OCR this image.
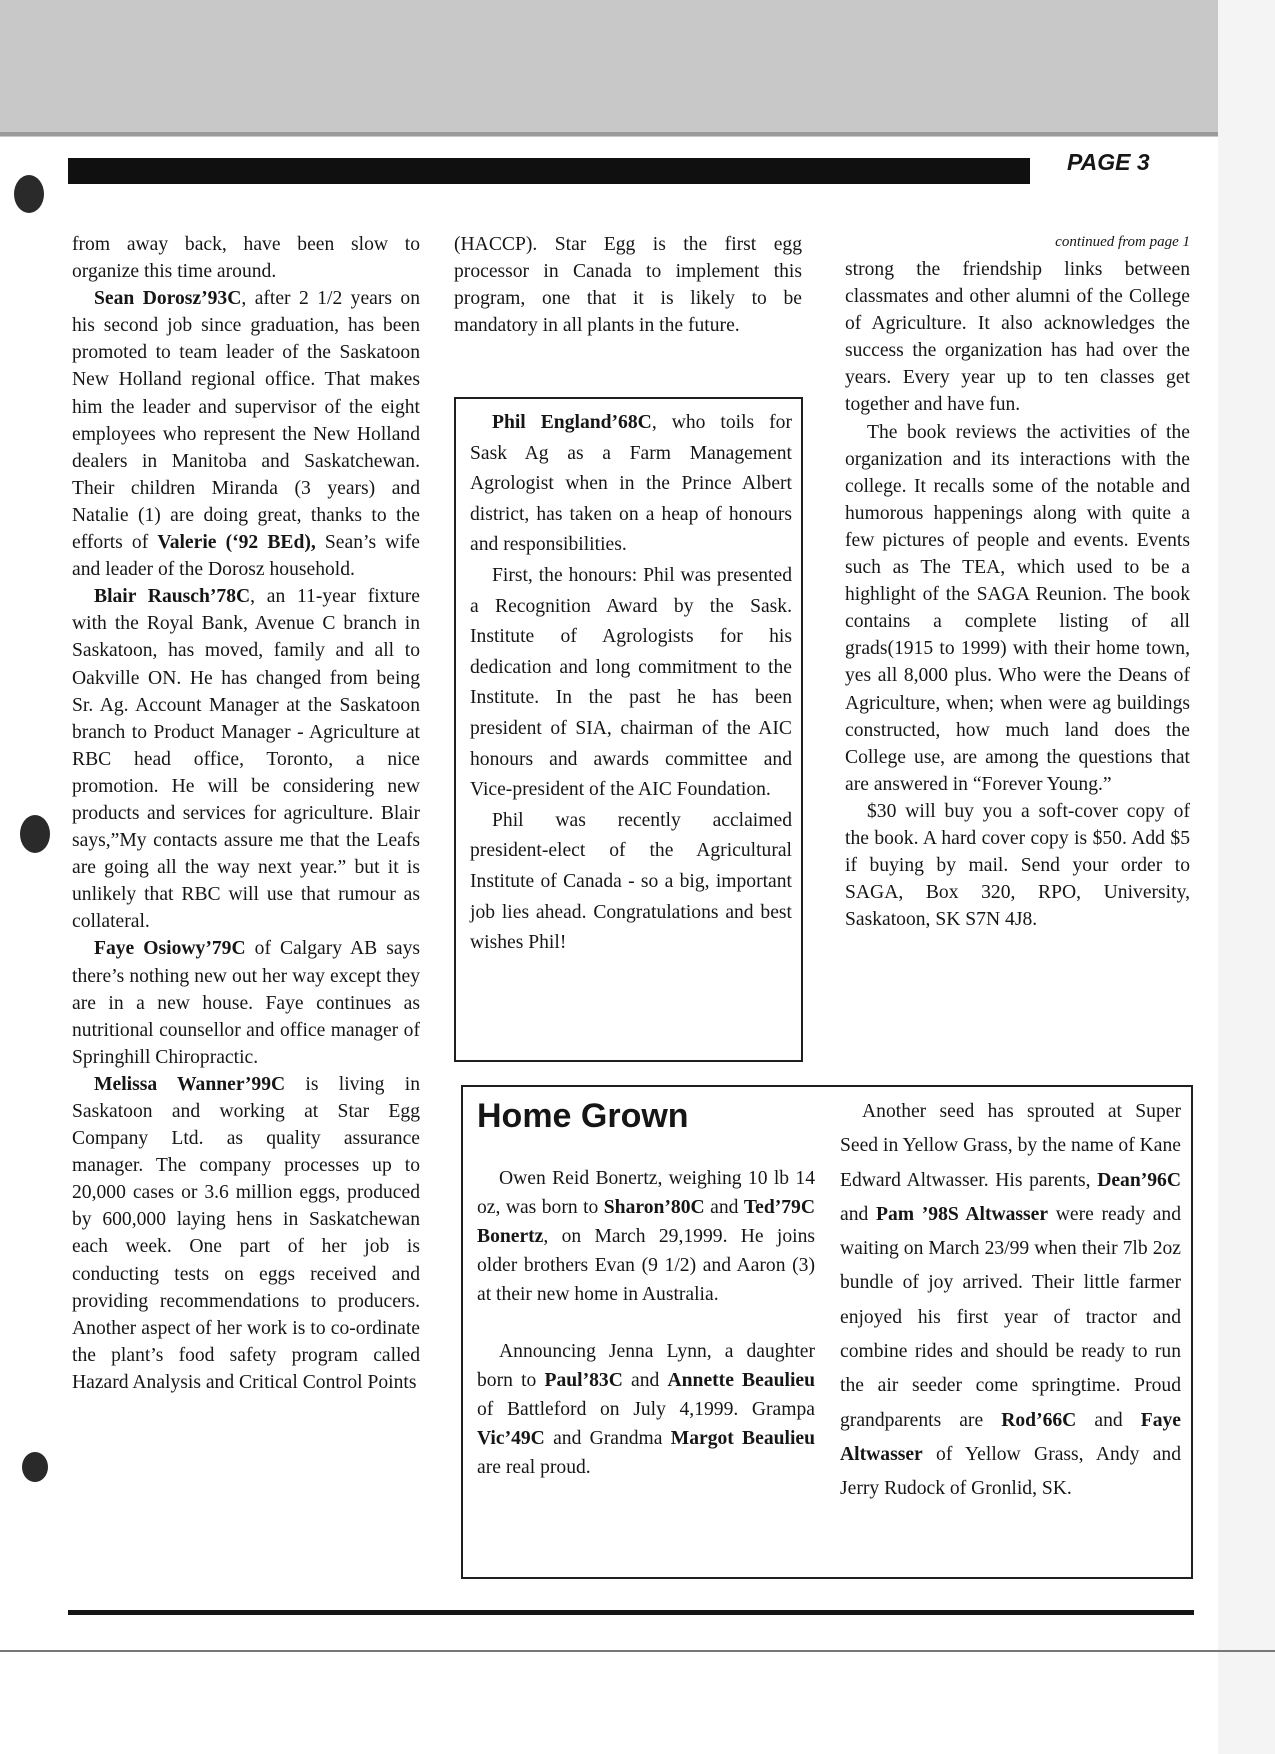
PAGE 3

from away back, have been slow to organize this time around.

Sean Dorosz’93C, after 2 1/2 years on his second job since graduation, has been promoted to team leader of the Saskatoon New Holland regional office. That makes him the leader and supervisor of the eight employees who represent the New Holland dealers in Manitoba and Saskatchewan. Their children Miranda (3 years) and Natalie (1) are doing great, thanks to the efforts of Valerie (‘92 BEd), Sean’s wife and leader of the Dorosz household.

Blair Rausch’78C, an 11-year fixture with the Royal Bank, Avenue C branch in Saskatoon, has moved, family and all to Oakville ON. He has changed from being Sr. Ag. Account Manager at the Saskatoon branch to Product Manager - Agriculture at RBC head office, Toronto, a nice promotion. He will be considering new products and services for agriculture. Blair says,”My contacts assure me that the Leafs are going all the way next year.” but it is unlikely that RBC will use that rumour as collateral.

Faye Osiowy’79C of Calgary AB says there’s nothing new out her way except they are in a new house. Faye continues as nutritional counsellor and office manager of Springhill Chiropractic.

Melissa Wanner’99C is living in Saskatoon and working at Star Egg Company Ltd. as quality assurance manager. The company processes up to 20,000 cases or 3.6 million eggs, produced by 600,000 laying hens in Saskatchewan each week. One part of her job is conducting tests on eggs received and providing recommendations to producers. Another aspect of her work is to co-ordinate the plant’s food safety program called Hazard Analysis and Critical Control Points

(HACCP). Star Egg is the first egg processor in Canada to implement this program, one that it is likely to be mandatory in all plants in the future.

Phil England’68C, who toils for Sask Ag as a Farm Management Agrologist when in the Prince Albert district, has taken on a heap of honours and responsibilities.

First, the honours: Phil was presented a Recognition Award by the Sask. Institute of Agrologists for his dedication and long commitment to the Institute. In the past he has been president of SIA, chairman of the AIC honours and awards committee and Vice-president of the AIC Foundation.

Phil was recently acclaimed president-elect of the Agricultural Institute of Canada - so a big, important job lies ahead. Congratulations and best wishes Phil!

continued from page 1

strong the friendship links between classmates and other alumni of the College of Agriculture. It also acknowledges the success the organization has had over the years. Every year up to ten classes get together and have fun.

The book reviews the activities of the organization and its interactions with the college. It recalls some of the notable and humorous happenings along with quite a few pictures of people and events. Events such as The TEA, which used to be a highlight of the SAGA Reunion. The book contains a complete listing of all grads(1915 to 1999) with their home town, yes all 8,000 plus. Who were the Deans of Agriculture, when; when were ag buildings constructed, how much land does the College use, are among the questions that are answered in “Forever Young.”

$30 will buy you a soft-cover copy of the book. A hard cover copy is $50. Add $5 if buying by mail. Send your order to SAGA, Box 320, RPO, University, Saskatoon, SK S7N 4J8.

Home Grown

Owen Reid Bonertz, weighing 10 lb 14 oz, was born to Sharon’80C and Ted’79C Bonertz, on March 29,1999. He joins older brothers Evan (9 1/2) and Aaron (3) at their new home in Australia.

Announcing Jenna Lynn, a daughter born to Paul’83C and Annette Beaulieu of Battleford on July 4,1999. Grampa Vic’49C and Grandma Margot Beaulieu are real proud.

Another seed has sprouted at Super Seed in Yellow Grass, by the name of Kane Edward Altwasser. His parents, Dean’96C and Pam ’98S Altwasser were ready and waiting on March 23/99 when their 7lb 2oz bundle of joy arrived. Their little farmer enjoyed his first year of tractor and combine rides and should be ready to run the air seeder come springtime. Proud grandparents are Rod’66C and Faye Altwasser of Yellow Grass, Andy and Jerry Rudock of Gronlid, SK.
